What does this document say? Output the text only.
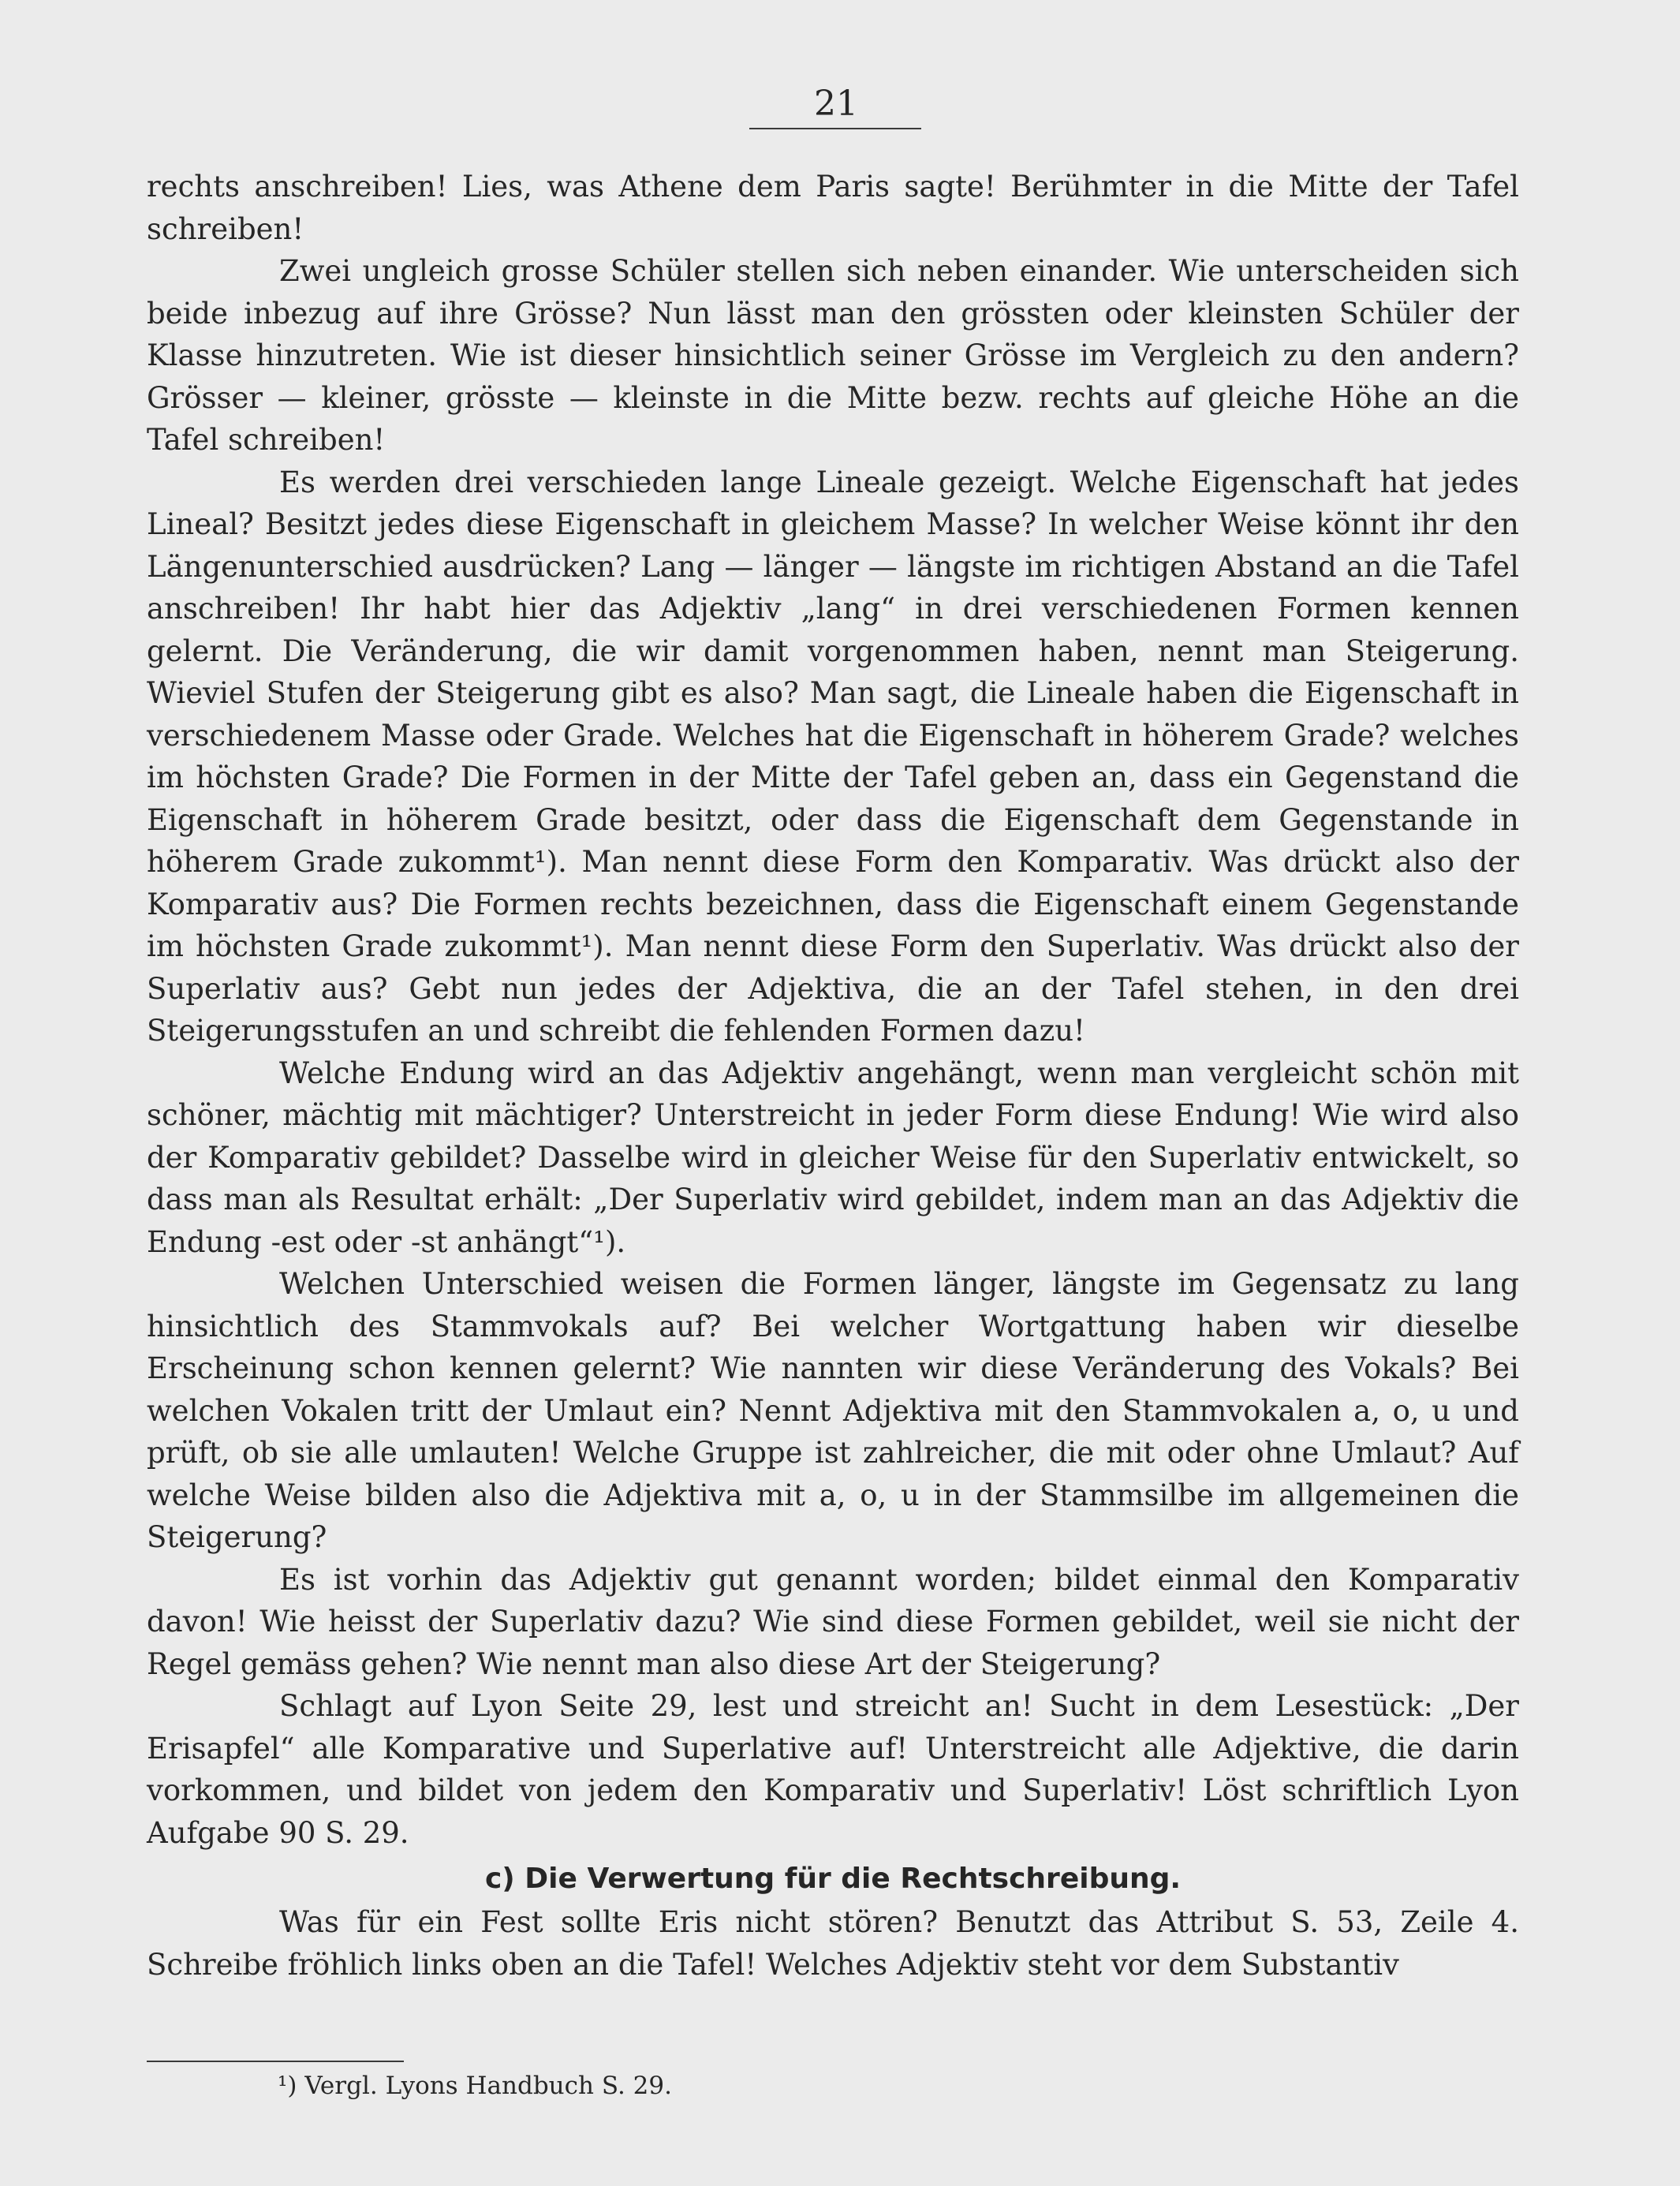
21

rechts anschreiben! Lies, was Athene dem Paris sagte! Berühmter in die Mitte der Tafel schreiben!

Zwei ungleich grosse Schüler stellen sich neben einander. Wie unterscheiden sich beide inbezug auf ihre Grösse? Nun lässt man den grössten oder kleinsten Schüler der Klasse hinzutreten. Wie ist dieser hinsichtlich seiner Grösse im Vergleich zu den andern? Grösser — kleiner, grösste — kleinste in die Mitte bezw. rechts auf gleiche Höhe an die Tafel schreiben!

Es werden drei verschieden lange Lineale gezeigt. Welche Eigenschaft hat jedes Lineal? Besitzt jedes diese Eigenschaft in gleichem Masse? In welcher Weise könnt ihr den Längenunterschied ausdrücken? Lang — länger — längste im richtigen Abstand an die Tafel anschreiben! Ihr habt hier das Adjektiv „lang“ in drei verschiedenen Formen kennen gelernt. Die Veränderung, die wir damit vorgenommen haben, nennt man Steigerung. Wieviel Stufen der Steigerung gibt es also? Man sagt, die Lineale haben die Eigenschaft in verschiedenem Masse oder Grade. Welches hat die Eigenschaft in höherem Grade? welches im höchsten Grade? Die Formen in der Mitte der Tafel geben an, dass ein Gegenstand die Eigenschaft in höherem Grade besitzt, oder dass die Eigenschaft dem Gegenstande in höherem Grade zukommt¹). Man nennt diese Form den Komparativ. Was drückt also der Komparativ aus? Die Formen rechts bezeichnen, dass die Eigenschaft einem Gegenstande im höchsten Grade zukommt¹). Man nennt diese Form den Superlativ. Was drückt also der Superlativ aus? Gebt nun jedes der Adjektiva, die an der Tafel stehen, in den drei Steigerungsstufen an und schreibt die fehlenden Formen dazu!

Welche Endung wird an das Adjektiv angehängt, wenn man vergleicht schön mit schöner, mächtig mit mächtiger? Unterstreicht in jeder Form diese Endung! Wie wird also der Komparativ gebildet? Dasselbe wird in gleicher Weise für den Superlativ entwickelt, so dass man als Resultat erhält: „Der Superlativ wird gebildet, indem man an das Adjektiv die Endung -est oder -st anhängt“¹).

Welchen Unterschied weisen die Formen länger, längste im Gegensatz zu lang hinsichtlich des Stammvokals auf? Bei welcher Wortgattung haben wir dieselbe Erscheinung schon kennen gelernt? Wie nannten wir diese Veränderung des Vokals? Bei welchen Vokalen tritt der Umlaut ein? Nennt Adjektiva mit den Stammvokalen a, o, u und prüft, ob sie alle umlauten! Welche Gruppe ist zahlreicher, die mit oder ohne Umlaut? Auf welche Weise bilden also die Adjektiva mit a, o, u in der Stammsilbe im allgemeinen die Steigerung?

Es ist vorhin das Adjektiv gut genannt worden; bildet einmal den Komparativ davon! Wie heisst der Superlativ dazu? Wie sind diese Formen gebildet, weil sie nicht der Regel gemäss gehen? Wie nennt man also diese Art der Steigerung?

Schlagt auf Lyon Seite 29, lest und streicht an! Sucht in dem Lesestück: „Der Erisapfel“ alle Komparative und Superlative auf! Unterstreicht alle Adjektive, die darin vorkommen, und bildet von jedem den Komparativ und Superlativ! Löst schriftlich Lyon Aufgabe 90 S. 29.

c) Die Verwertung für die Rechtschreibung.

Was für ein Fest sollte Eris nicht stören? Benutzt das Attribut S. 53, Zeile 4. Schreibe fröhlich links oben an die Tafel! Welches Adjektiv steht vor dem Substantiv

¹) Vergl. Lyons Handbuch S. 29.
